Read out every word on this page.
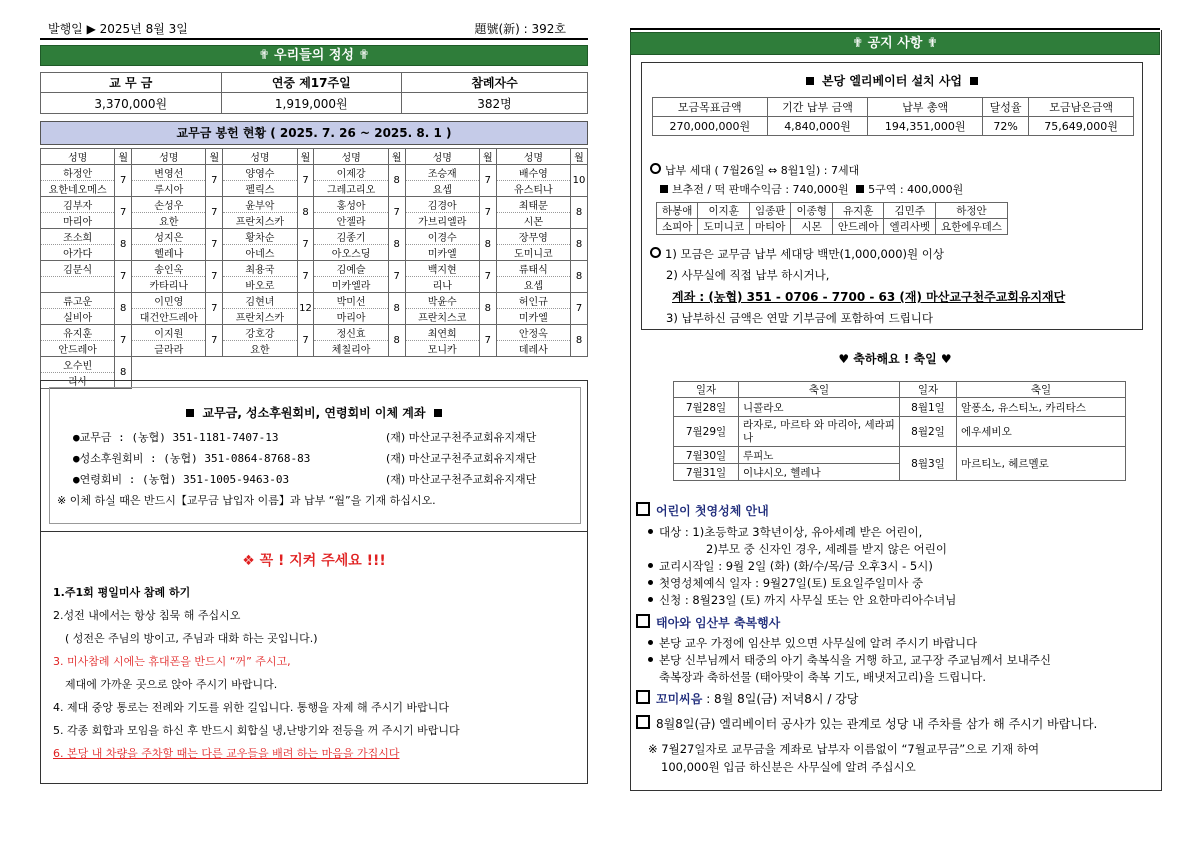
발행일 ▶ 2025년 8월 3일	題號(新) : 392호
✟ 우리들의 정성 ✟
교 무 금	연중 제17주일	참례자수
3,370,000원	1,919,000원	382명
교무금 봉헌 현황 ( 2025. 7. 26 ~ 2025. 8. 1 )
성명	월	성명	월	성명	월	성명	월	성명	월	성명	월
하정안	7	변영선	7	양영수	7	이제강	8	조승재	7	배수영	10
요한네오메스		루시아		펠릭스		그레고리오		요셉		유스티나	
김부자	7	손성우	7	윤부악	8	홍성아	7	김경아	7	최태문	8
마리아		요한		프란치스카		안젤라		가브리엘라		시몬	
조소희	8	성지은	7	황차순	7	김종기	8	이경수	8	장무영	8
아가다		헬레나		아네스		아오스딩		미카엘		도미니코	
김문식	7	송인옥	7	최용국	7	김예슬	7	백지현	7	류태식	8
		카타리나		바오로		미카엘라		리나		요셉	
류고운	8	이민영	7	김현녀	12	박미선	8	박윤수	8	허인규	7
실비아		대건안드레아		프란치스카		마리아		프란치스코		미카엘	
유지훈	7	이지원	7	강호강	7	정신효	8	최연희	7	안정옥	8
안드레아		글라라		요한		체칠리아		모니카		데레사	
오수빈	8										
리사											
교무금, 성소후원회비, 연령회비 이체 계좌
●교무금 : (농협) 351-1181-7407-13	(재) 마산교구천주교회유지재단
●성소후원회비 : (농협) 351-0864-8768-83	(재) 마산교구천주교회유지재단
●연령회비 : (농협) 351-1005-9463-03	(재) 마산교구천주교회유지재단
※ 이체 하실 때은 반드시【교무금 납입자 이름】과 납부 “월”을 기재 하십시오.
❖ 꼭 ! 지켜 주세요 !!!
1.주1회 평일미사 참례 하기
2.성전 내에서는 항상 침묵 해 주십시오
( 성전은 주님의 방이고, 주님과 대화 하는 곳입니다.)
3. 미사참례 시에는 휴대폰을 반드시 “꺼” 주시고,
제대에 가까운 곳으로 앉아 주시기 바랍니다.
4. 제대 중앙 통로는 전례와 기도를 위한 길입니다. 통행을 자제 해 주시기 바랍니다
5. 각종 회합과 모임을 하신 후 반드시 회합실 냉,난방기와 전등을 꺼 주시기 바랍니다
6. 본당 내 차량을 주차할 때는 다른 교우들을 배려 하는 마음을 가집시다
✟ 공지 사항 ✟
본당 엘리베이터 설치 사업
모금목표금액	기간 납부 금액	납부 총액	달성율	모금남은금액
270,000,000원	4,840,000원	194,351,000원	72%	75,649,000원
납부 세대 ( 7월26일 ⇔ 8월1일) : 7세대
브추전 / 떡 판매수익금 : 740,000원 5구역 : 400,000원
하봉애	이지훈	임종판	이종형	유지훈	김민주	하정안
소피아	도미니코	마티아	시몬	안드레아	엘리사벳	요한에우데스
1) 모금은 교무금 납부 세대당 백만(1,000,000)원 이상
2) 사무실에 직접 납부 하시거나,
계좌 : (농협) 351 - 0706 - 7700 - 63 (재) 마산교구천주교회유지재단
3) 납부하신 금액은 연말 기부금에 포함하여 드립니다
♥ 축하해요 ! 축일 ♥
일자	축일	일자	축일
7월28일	니콜라오	8월1일	알퐁소, 유스티노, 카리타스
7월29일	라자로, 마르타 와 마리아, 세라피나	8월2일	에우세비오
7월30일	루피노	8월3일	마르티노, 헤르멜로
7월31일	이냐시오, 헬레나		
어린이 첫영성체 안내
대상 : 1)초등학교 3학년이상, 유아세례 받은 어린이,
2)부모 중 신자인 경우, 세례를 받지 않은 어린이
교리시작일 : 9월 2일 (화) (화/수/목/금 오후3시 - 5시)
첫영성체예식 일자 : 9월27일(토) 토요일주일미사 중
신청 : 8월23일 (토) 까지 사무실 또는 안 요한마리아수녀님
태아와 임산부 축복행사
본당 교우 가정에 임산부 있으면 사무실에 알려 주시기 바랍니다
본당 신부님께서 태중의 아기 축복식을 거행 하고, 교구장 주교님께서 보내주신
축복장과 축하선물 (태아맞이 축복 기도, 배냇저고리)을 드립니다.
꼬미씨음 : 8월 8일(금) 저녁8시 / 강당
8월8일(금) 엘리베이터 공사가 있는 관계로 성당 내 주차를 삼가 해 주시기 바랍니다.
※ 7월27일자로 교무금을 계좌로 납부자 이름없이 “7월교무금”으로 기재 하여
100,000원 입금 하신분은 사무실에 알려 주십시오
